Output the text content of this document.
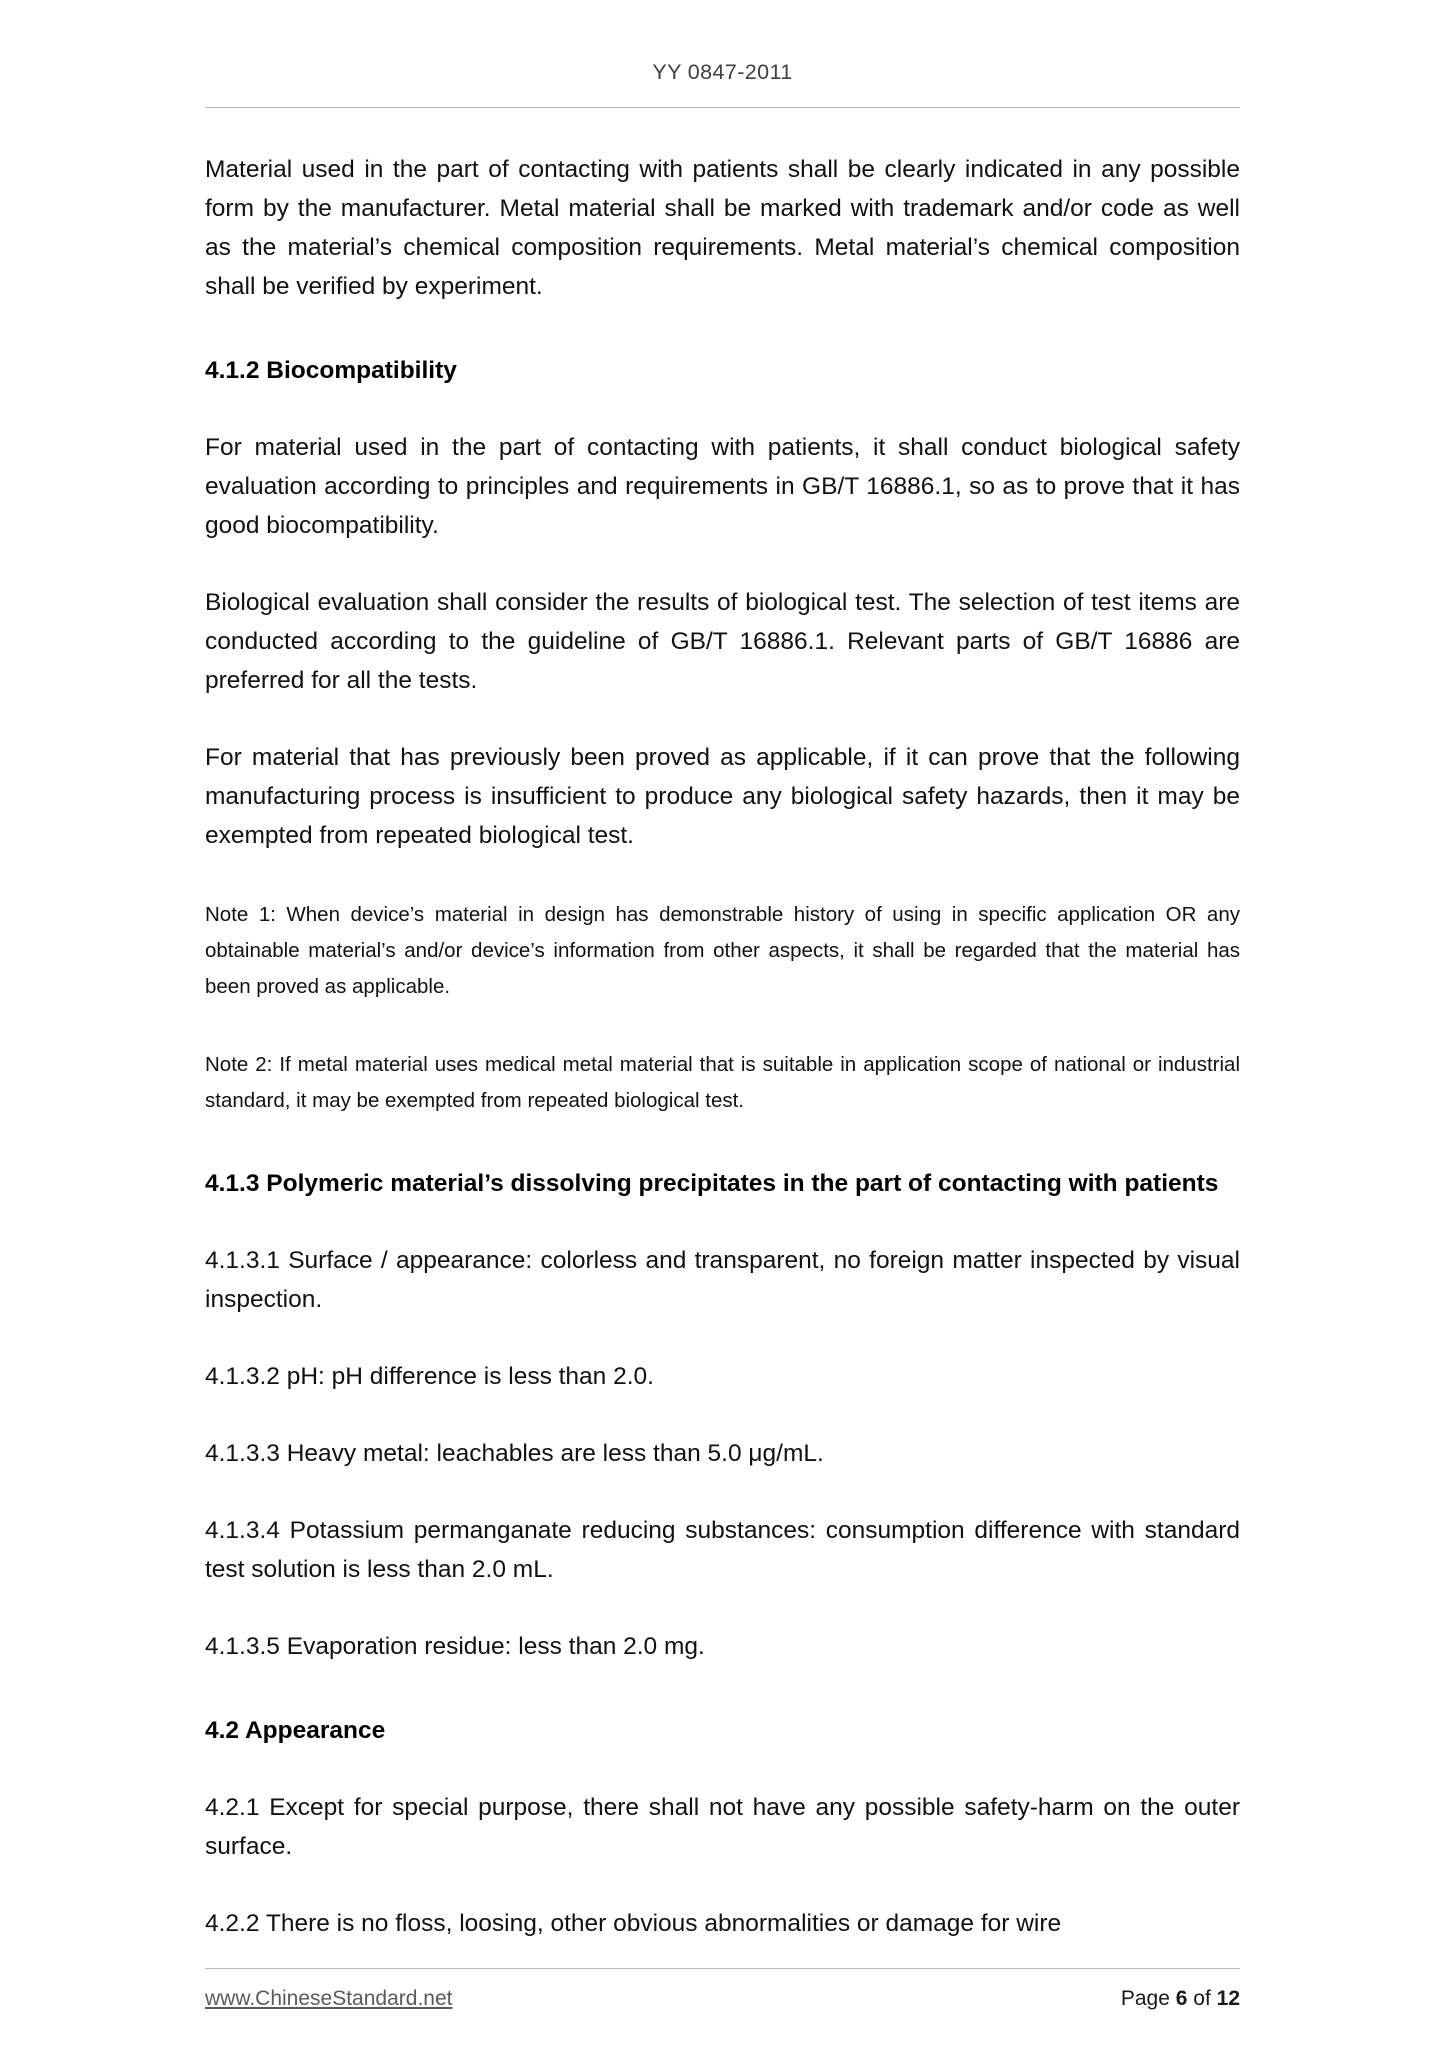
YY 0847-2011

Material used in the part of contacting with patients shall be clearly indicated in any possible form by the manufacturer. Metal material shall be marked with trademark and/or code as well as the material’s chemical composition requirements. Metal material’s chemical composition shall be verified by experiment.

4.1.2 Biocompatibility

For material used in the part of contacting with patients, it shall conduct biological safety evaluation according to principles and requirements in GB/T 16886.1, so as to prove that it has good biocompatibility.

Biological evaluation shall consider the results of biological test. The selection of test items are conducted according to the guideline of GB/T 16886.1. Relevant parts of GB/T 16886 are preferred for all the tests.

For material that has previously been proved as applicable, if it can prove that the following manufacturing process is insufficient to produce any biological safety hazards, then it may be exempted from repeated biological test.

Note 1: When device’s material in design has demonstrable history of using in specific application OR any obtainable material’s and/or device’s information from other aspects, it shall be regarded that the material has been proved as applicable.

Note 2: If metal material uses medical metal material that is suitable in application scope of national or industrial standard, it may be exempted from repeated biological test.

4.1.3 Polymeric material’s dissolving precipitates in the part of contacting with patients

4.1.3.1 Surface / appearance: colorless and transparent, no foreign matter inspected by visual inspection.

4.1.3.2 pH: pH difference is less than 2.0.

4.1.3.3 Heavy metal: leachables are less than 5.0 μg/mL.

4.1.3.4 Potassium permanganate reducing substances: consumption difference with standard test solution is less than 2.0 mL.

4.1.3.5 Evaporation residue: less than 2.0 mg.

4.2 Appearance

4.2.1 Except for special purpose, there shall not have any possible safety-harm on the outer surface.

4.2.2 There is no floss, loosing, other obvious abnormalities or damage for wire

www.ChineseStandard.net	Page 6 of 12
